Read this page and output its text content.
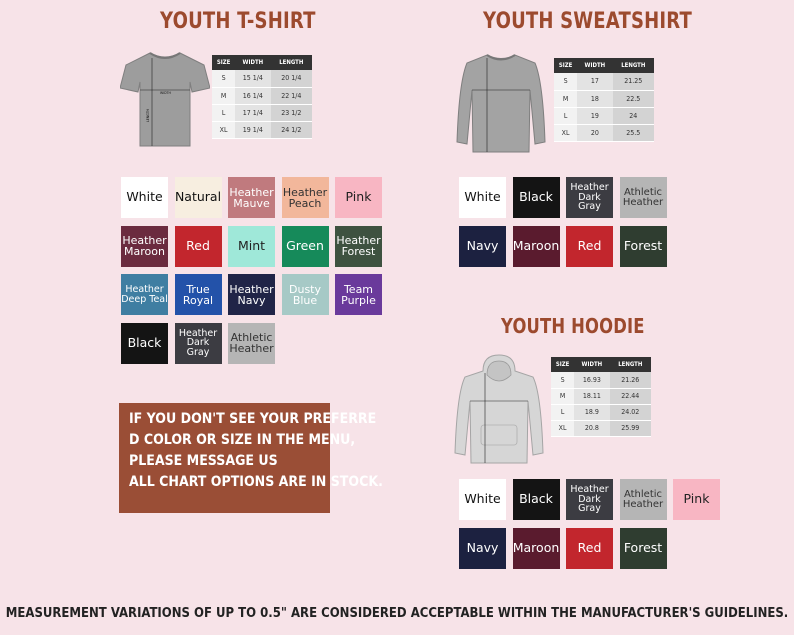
YOUTH T-SHIRT
WIDTH
LENGTH
SIZE	WIDTH	LENGTH
S	15 1/4	20 1/4
M	16 1/4	22 1/4
L	17 1/4	23 1/2
XL	19 1/4	24 1/2
White Natural Heather Mauve
Heather Peach	Pink
Heather Maroon	Red	Mint	Green	Heather Forest
Heather Deep Teal
True Royal
Heather Navy
Dusty Blue
Team Purple
Black
Heather Dark Gray
Athletic Heather
YOUTH SWEATSHIRT
SIZE	WIDTH	LENGTH
S	17	21.25
M	18	22.5
L	19	24
XL	20	25.5
White	Black
Heather Dark Gray
Athletic Heather
Navy	Maroon	Red	Forest
YOUTH HOODIE
SIZE	WIDTH	LENGTH
S	16.93	21.26
M	18.11	22.44
L	18.9	24.02
XL	20.8	25.99
White	Black
Heather Dark Gray
Athletic Heather	Pink
Navy	Maroon	Red	Forest
IF YOU DON'T SEE YOUR PREFERRE
D COLOR OR SIZE IN THE MENU,
PLEASE MESSAGE US
ALL CHART OPTIONS ARE IN STOCK.
MEASUREMENT VARIATIONS OF UP TO 0.5" ARE CONSIDERED ACCEPTABLE WITHIN THE MANUFACTURER'S GUIDELINES.
